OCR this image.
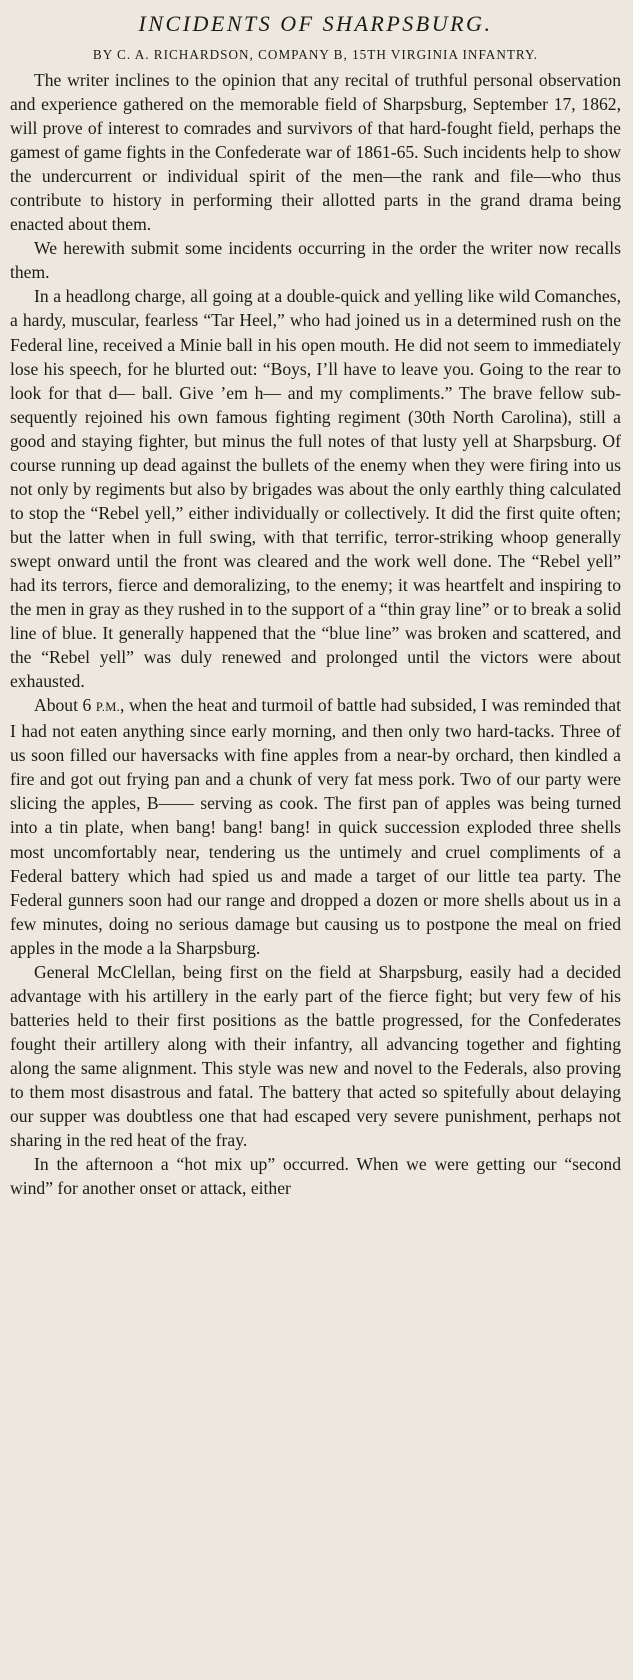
INCIDENTS OF SHARPSBURG.
BY C. A. RICHARDSON, COMPANY B, 15TH VIRGINIA INFANTRY.

The writer inclines to the opinion that any recital of truthful personal observation and experience gathered on the memorable field of Sharpsburg, September 17, 1862, will prove of interest to comrades and survivors of that hard-fought field, perhaps the gamest of game fights in the Confederate war of 1861-65. Such incidents help to show the undercurrent or individual spirit of the men—the rank and file—who thus contribute to history in performing their allotted parts in the grand drama being enacted about them.

We herewith submit some incidents occurring in the order the writer now recalls them.

In a headlong charge, all going at a double-quick and yelling like wild Comanches, a hardy, muscular, fearless “Tar Heel,” who had joined us in a determined rush on the Federal line, received a Minie ball in his open mouth. He did not seem to immediately lose his speech, for he blurted out: “Boys, I’ll have to leave you. Going to the rear to look for that d— ball. Give ’em h— and my compliments.” The brave fellow subsequently rejoined his own famous fighting regiment (30th North Carolina), still a good and staying fighter, but minus the full notes of that lusty yell at Sharpsburg. Of course running up dead against the bullets of the enemy when they were firing into us not only by regiments but also by brigades was about the only earthly thing calculated to stop the “Rebel yell,” either individually or collectively. It did the first quite often; but the latter when in full swing, with that terrific, terror-striking whoop generally swept onward until the front was cleared and the work well done. The “Rebel yell” had its terrors, fierce and demoralizing, to the enemy; it was heartfelt and inspiring to the men in gray as they rushed in to the support of a “thin gray line” or to break a solid line of blue. It generally happened that the “blue line” was broken and scattered, and the “Rebel yell” was duly renewed and prolonged until the victors were about exhausted.

About 6 P.M., when the heat and turmoil of battle had subsided, I was reminded that I had not eaten anything since early morning, and then only two hard-tacks. Three of us soon filled our haversacks with fine apples from a near-by orchard, then kindled a fire and got out frying pan and a chunk of very fat mess pork. Two of our party were slicing the apples, B—— serving as cook. The first pan of apples was being turned into a tin plate, when bang! bang! bang! in quick succession exploded three shells most uncomfortably near, tendering us the untimely and cruel compliments of a Federal battery which had spied us and made a target of our little tea party. The Federal gunners soon had our range and dropped a dozen or more shells about us in a few minutes, doing no serious damage but causing us to postpone the meal on fried apples in the mode a la Sharpsburg.

General McClellan, being first on the field at Sharpsburg, easily had a decided advantage with his artillery in the early part of the fierce fight; but very few of his batteries held to their first positions as the battle progressed, for the Confederates fought their artillery along with their infantry, all advancing together and fighting along the same alignment. This style was new and novel to the Federals, also proving to them most disastrous and fatal. The battery that acted so spitefully about delaying our supper was doubtless one that had escaped very severe punishment, perhaps not sharing in the red heat of the fray.

In the afternoon a “hot mix up” occurred. When we were getting our “second wind” for another onset or attack, either
